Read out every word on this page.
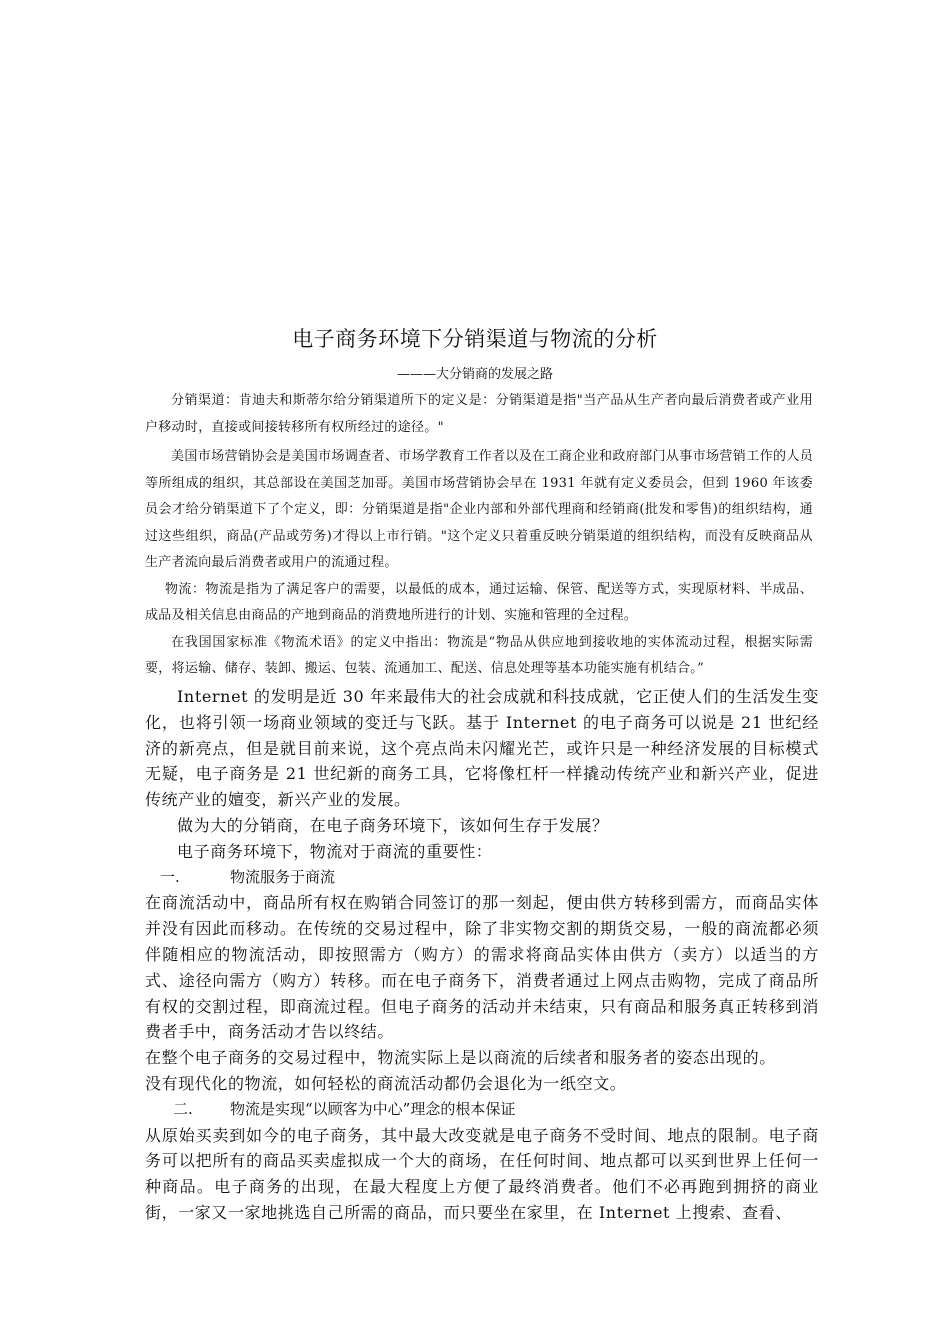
电子商务环境下分销渠道与物流的分析
———大分销商的发展之路

分销渠道：肯迪夫和斯蒂尔给分销渠道所下的定义是：分销渠道是指"当产品从生产者向最后消费者或产业用户移动时，直接或间接转移所有权所经过的途径。"

美国市场营销协会是美国市场调查者、市场学教育工作者以及在工商企业和政府部门从事市场营销工作的人员等所组成的组织，其总部设在美国芝加哥。美国市场营销协会早在 1931 年就有定义委员会，但到 1960 年该委员会才给分销渠道下了个定义，即：分销渠道是指"企业内部和外部代理商和经销商(批发和零售)的组织结构，通过这些组织，商品(产品或劳务)才得以上市行销。"这个定义只着重反映分销渠道的组织结构，而没有反映商品从生产者流向最后消费者或用户的流通过程。

物流：物流是指为了满足客户的需要，以最低的成本，通过运输、保管、配送等方式，实现原材料、半成品、成品及相关信息由商品的产地到商品的消费地所进行的计划、实施和管理的全过程。

在我国国家标准《物流术语》的定义中指出：物流是“物品从供应地到接收地的实体流动过程，根据实际需要，将运输、储存、装卸、搬运、包装、流通加工、配送、信息处理等基本功能实施有机结合。”

Internet 的发明是近 30 年来最伟大的社会成就和科技成就，它正使人们的生活发生变化，也将引领一场商业领域的变迁与飞跃。基于 Internet 的电子商务可以说是 21 世纪经济的新亮点，但是就目前来说，这个亮点尚未闪耀光芒，或许只是一种经济发展的目标模式无疑，电子商务是 21 世纪新的商务工具，它将像杠杆一样撬动传统产业和新兴产业，促进传统产业的嬗变，新兴产业的发展。

做为大的分销商，在电子商务环境下，该如何生存于发展？

电子商务环境下，物流对于商流的重要性：

一.	物流服务于商流

在商流活动中，商品所有权在购销合同签订的那一刻起，便由供方转移到需方，而商品实体并没有因此而移动。在传统的交易过程中，除了非实物交割的期货交易，一般的商流都必须伴随相应的物流活动，即按照需方（购方）的需求将商品实体由供方（卖方）以适当的方式、途径向需方（购方）转移。而在电子商务下，消费者通过上网点击购物，完成了商品所有权的交割过程，即商流过程。但电子商务的活动并未结束，只有商品和服务真正转移到消费者手中，商务活动才告以终结。

在整个电子商务的交易过程中，物流实际上是以商流的后续者和服务者的姿态出现的。

没有现代化的物流，如何轻松的商流活动都仍会退化为一纸空文。

二.	物流是实现“以顾客为中心”理念的根本保证

从原始买卖到如今的电子商务，其中最大改变就是电子商务不受时间、地点的限制。电子商务可以把所有的商品买卖虚拟成一个大的商场，在任何时间、地点都可以买到世界上任何一种商品。电子商务的出现，在最大程度上方便了最终消费者。他们不必再跑到拥挤的商业街，一家又一家地挑选自己所需的商品，而只要坐在家里，在 Internet 上搜索、查看、
